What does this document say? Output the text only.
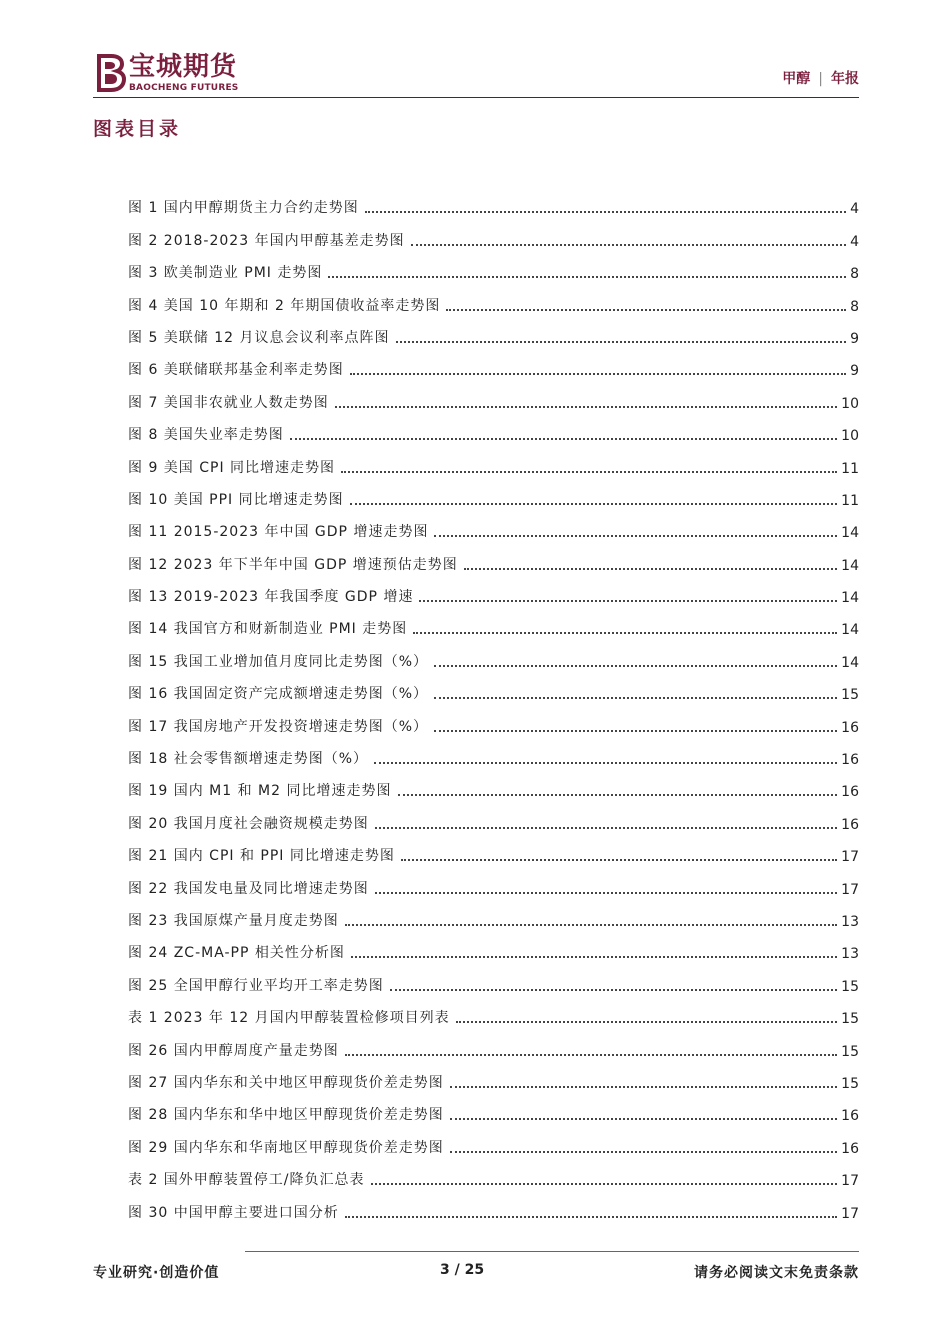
宝城期货
BAOCHENG FUTURES
甲醇 | 年报
图表目录
图 1 国内甲醇期货主力合约走势图	4
图 2 2018-2023 年国内甲醇基差走势图	4
图 3 欧美制造业 PMI 走势图	8
图 4 美国 10 年期和 2 年期国债收益率走势图	8
图 5 美联储 12 月议息会议利率点阵图	9
图 6 美联储联邦基金利率走势图	9
图 7 美国非农就业人数走势图	10
图 8 美国失业率走势图	10
图 9 美国 CPI 同比增速走势图	11
图 10 美国 PPI 同比增速走势图	11
图 11 2015-2023 年中国 GDP 增速走势图	14
图 12 2023 年下半年中国 GDP 增速预估走势图	14
图 13 2019-2023 年我国季度 GDP 增速	14
图 14 我国官方和财新制造业 PMI 走势图	14
图 15 我国工业增加值月度同比走势图（%）	14
图 16 我国固定资产完成额增速走势图（%）	15
图 17 我国房地产开发投资增速走势图（%）	16
图 18 社会零售额增速走势图（%）	16
图 19 国内 M1 和 M2 同比增速走势图	16
图 20 我国月度社会融资规模走势图	16
图 21 国内 CPI 和 PPI 同比增速走势图	17
图 22 我国发电量及同比增速走势图	17
图 23 我国原煤产量月度走势图	13
图 24 ZC-MA-PP 相关性分析图	13
图 25 全国甲醇行业平均开工率走势图	15
表 1 2023 年 12 月国内甲醇装置检修项目列表	15
图 26 国内甲醇周度产量走势图	15
图 27 国内华东和关中地区甲醇现货价差走势图	15
图 28 国内华东和华中地区甲醇现货价差走势图	16
图 29 国内华东和华南地区甲醇现货价差走势图	16
表 2 国外甲醇装置停工/降负汇总表	17
图 30 中国甲醇主要进口国分析	17
专业研究·创造价值	3 / 25	请务必阅读文末免责条款
